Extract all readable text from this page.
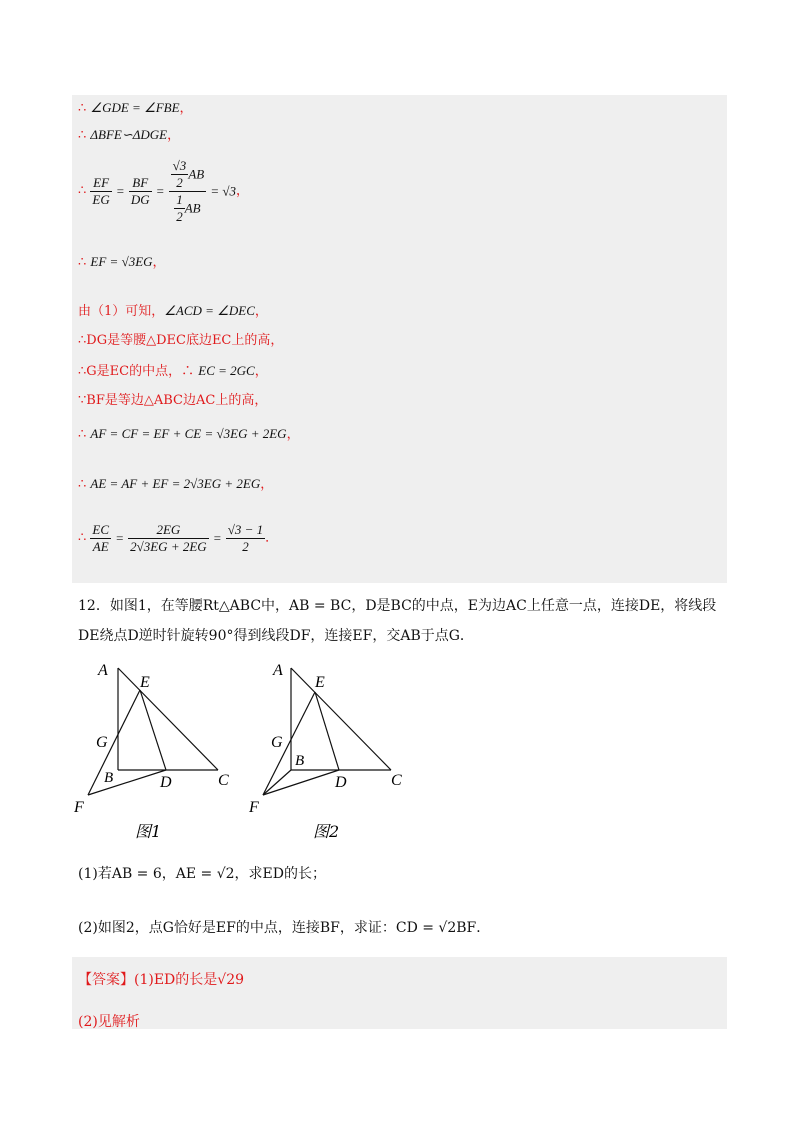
∴ ∠GDE = ∠FBE，
∴ ΔBFE∽ΔDGE，
∴ $\frac{EF}{EG} = \frac{BF}{DG} = \frac{\frac{√3}{2} AB}{\frac{1}{2} AB} = √3$，
∴ EF = √3EG，
由（1）可知，∠ACD = ∠DEC，
∴DG是等腰△DEC底边EC上的高，
∴G是EC的中点，∴ EC = 2GC，
∵BF是等边△ABC边AC上的高，
∴ AF = CF = EF + CE = √3EG + 2EG，
∴ AE = AF + EF = 2√3EG + 2EG，
∴ $\frac{EC}{AE} = \frac{2EG}{2√3EG + 2EG} = \frac{√3 - 1}{2}$ ．
12．如图1，在等腰Rt△ABC中，AB = BC，D是BC的中点，E为边AC上任意一点，连接DE，将线段
DE绕点D逆时针旋转90°得到线段DF，连接EF，交AB于点G．
A
E
G
B	D	C
F
图1
A
E
G
B
D	C
F
图2
(1)若AB = 6，AE = √2，求ED的长；
(2)如图2，点G恰好是EF的中点，连接BF，求证：CD = √2BF．
【答案】(1)ED的长是√29
(2)见解析
